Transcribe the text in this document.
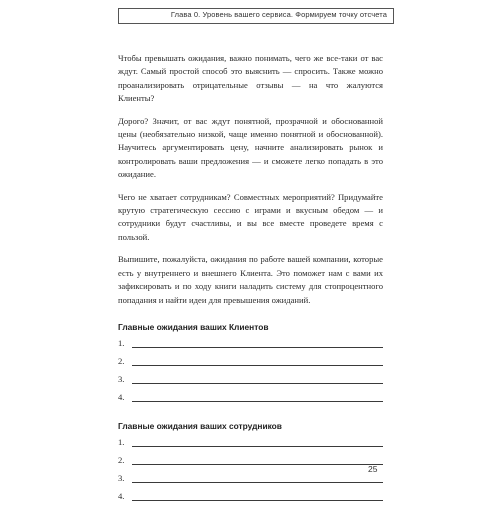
Глава 0. Уровень вашего сервиса. Формируем точку отсчета

Чтобы превышать ожидания, важно понимать, чего же все-таки от вас ждут. Самый простой способ это выяснить — спросить. Также можно проанализировать отрицательные отзывы — на что жалуются Клиенты?

Дорого? Значит, от вас ждут понятной, прозрачной и обоснованной цены (необязательно низкой, чаще именно понятной и обоснованной). Научитесь аргументировать цену, начните анализировать рынок и контролировать ваши предложения — и сможете легко попадать в это ожидание.

Чего не хватает сотрудникам? Совместных мероприятий? Придумайте крутую стратегическую сессию с играми и вкусным обедом — и сотрудники будут счастливы, и вы все вместе проведете время с пользой.

Выпишите, пожалуйста, ожидания по работе вашей компании, которые есть у внутреннего и внешнего Клиента. Это поможет нам с вами их зафиксировать и по ходу книги наладить систему для стопроцентного попадания и найти идеи для превышения ожиданий.

Главные ожидания ваших Клиентов
1.
2.
3.
4.
Главные ожидания ваших сотрудников
1.
2.
3.
4.
25
